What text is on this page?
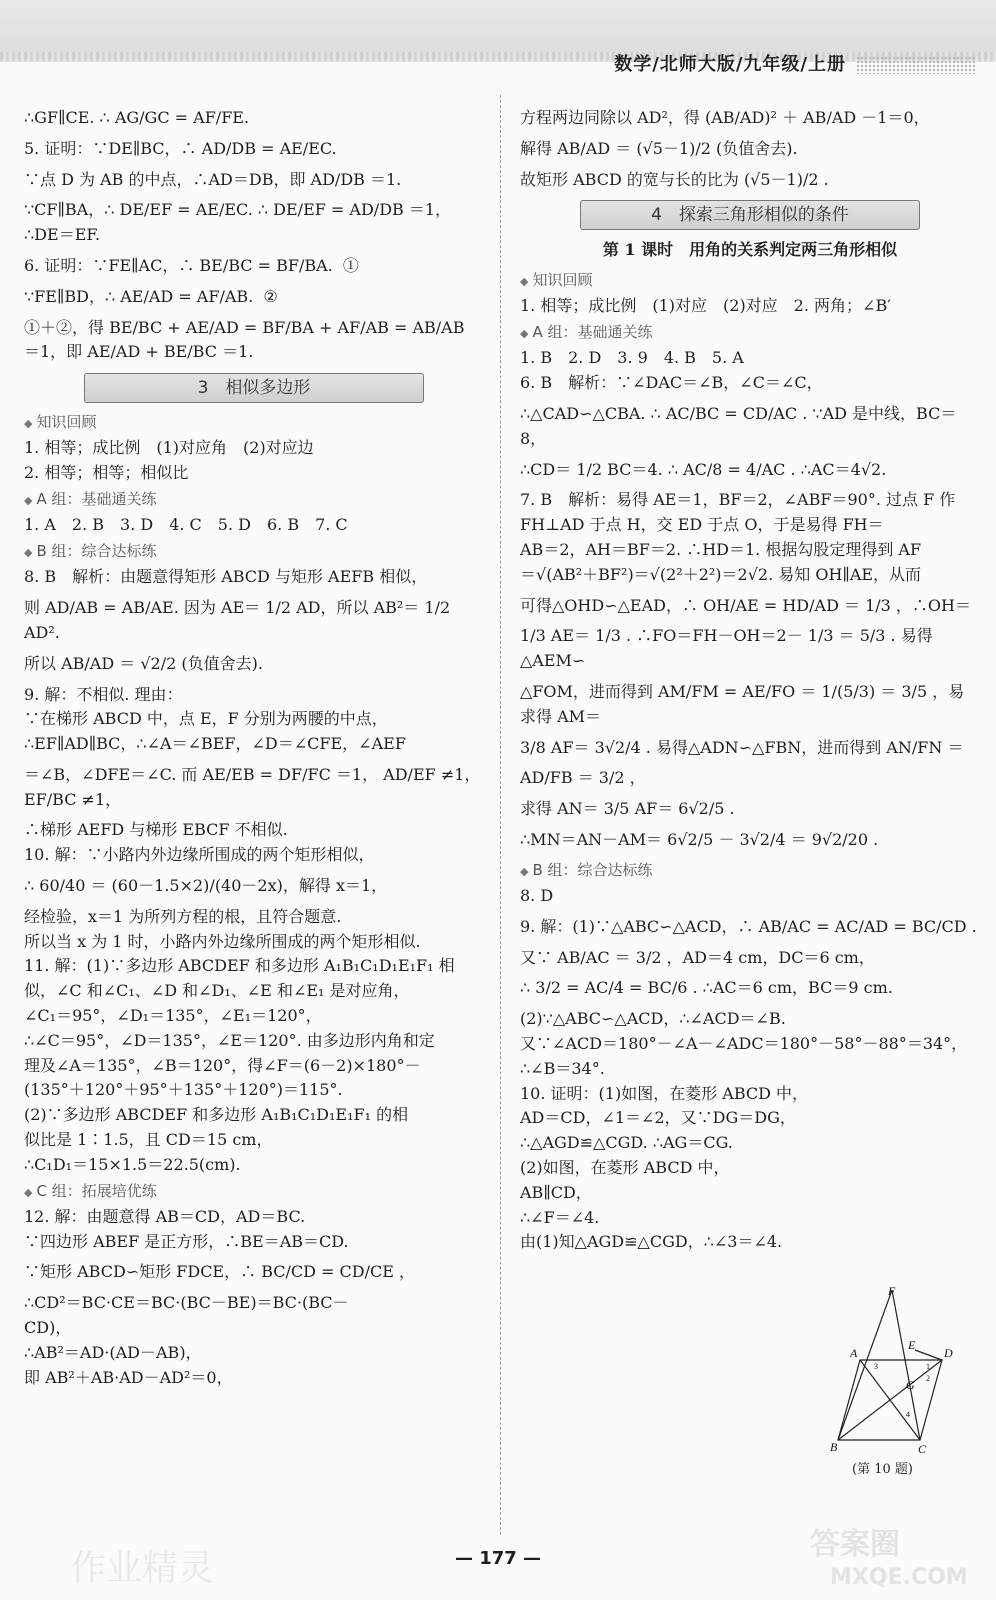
数学/北师大版/九年级/上册
∴GF∥CE. ∴ AG/GC = AF/FE.
5. 证明：∵DE∥BC，∴ AD/DB = AE/EC.
∵点 D 为 AB 的中点，∴AD＝DB，即 AD/DB ＝1.
∵CF∥BA，∴ DE/EF = AE/EC. ∴ DE/EF = AD/DB ＝1，∴DE＝EF.
6. 证明：∵FE∥AC，∴ BE/BC = BF/BA.  ①
∵FE∥BD，∴ AE/AD = AF/AB.  ②
①＋②，得 BE/BC + AE/AD = BF/BA + AF/AB = AB/AB ＝1，即 AE/AD + BE/BC ＝1.
3　相似多边形
◆ 知识回顾
1. 相等；成比例　(1)对应角　(2)对应边
2. 相等；相等；相似比
◆ A 组：基础通关练
1. A　2. B　3. D　4. C　5. D　6. B　7. C
◆ B 组：综合达标练
8. B　解析：由题意得矩形 ABCD 与矩形 AEFB 相似，
则 AD/AB = AB/AE. 因为 AE＝ 1/2 AD，所以 AB²＝ 1/2 AD².
所以 AB/AD ＝ √2/2 (负值舍去).
9. 解：不相似. 理由：
∵在梯形 ABCD 中，点 E，F 分别为两腰的中点，
∴EF∥AD∥BC，∴∠A＝∠BEF，∠D＝∠CFE，∠AEF
＝∠B，∠DFE＝∠C. 而 AE/EB = DF/FC ＝1， AD/EF ≠1， EF/BC ≠1，
∴梯形 AEFD 与梯形 EBCF 不相似.
10. 解：∵小路内外边缘所围成的两个矩形相似，
∴ 60/40 ＝ (60－1.5×2)/(40－2x)，解得 x＝1，
经检验，x＝1 为所列方程的根，且符合题意.
所以当 x 为 1 时，小路内外边缘所围成的两个矩形相似.
11. 解：(1)∵多边形 ABCDEF 和多边形 A₁B₁C₁D₁E₁F₁ 相
似，∠C 和∠C₁、∠D 和∠D₁、∠E 和∠E₁ 是对应角，
∠C₁＝95°，∠D₁＝135°，∠E₁＝120°，
∴∠C＝95°，∠D＝135°，∠E＝120°. 由多边形内角和定
理及∠A＝135°，∠B＝120°，得∠F＝(6－2)×180°－
(135°＋120°＋95°＋135°＋120°)＝115°.
(2)∵多边形 ABCDEF 和多边形 A₁B₁C₁D₁E₁F₁ 的相
似比是 1∶1.5，且 CD＝15 cm，
∴C₁D₁＝15×1.5＝22.5(cm).
◆ C 组：拓展培优练
12. 解：由题意得 AB＝CD，AD＝BC.
∵四边形 ABEF 是正方形，∴BE＝AB＝CD.
∵矩形 ABCD∽矩形 FDCE，∴ BC/CD = CD/CE ，
∴CD²＝BC·CE＝BC·(BC－BE)＝BC·(BC－
CD)，
∴AB²＝AD·(AD－AB)，
即 AB²＋AB·AD－AD²＝0，
方程两边同除以 AD²，得 (AB/AD)² ＋ AB/AD －1＝0，
解得 AB/AD ＝ (√5－1)/2 (负值舍去).
故矩形 ABCD 的宽与长的比为 (√5－1)/2 .
4　探索三角形相似的条件
第 1 课时　用角的关系判定两三角形相似
◆ 知识回顾
1. 相等；成比例　(1)对应　(2)对应　2. 两角；∠B′
◆ A 组：基础通关练
1. B　2. D　3. 9　4. B　5. A
6. B　解析：∵∠DAC＝∠B，∠C＝∠C，
∴△CAD∽△CBA. ∴ AC/BC = CD/AC . ∵AD 是中线，BC＝8，
∴CD＝ 1/2 BC＝4. ∴ AC/8 = 4/AC . ∴AC＝4√2.
7. B　解析：易得 AE＝1，BF＝2，∠ABF＝90°. 过点 F 作
FH⊥AD 于点 H，交 ED 于点 O，于是易得 FH＝
AB＝2，AH＝BF＝2. ∴HD＝1. 根据勾股定理得到 AF
＝√(AB²＋BF²)＝√(2²＋2²)＝2√2. 易知 OH∥AE，从而
可得△OHD∽△EAD，∴ OH/AE = HD/AD ＝ 1/3 ，∴OH＝
1/3 AE＝ 1/3 . ∴FO＝FH－OH＝2－ 1/3 ＝ 5/3 . 易得△AEM∽
△FOM，进而得到 AM/FM = AE/FO ＝ 1/(5/3) ＝ 3/5 ，易求得 AM＝
3/8 AF＝ 3√2/4 . 易得△ADN∽△FBN，进而得到 AN/FN ＝
AD/FB ＝ 3/2 ，
求得 AN＝ 3/5 AF＝ 6√2/5 .
∴MN＝AN－AM＝ 6√2/5 － 3√2/4 ＝ 9√2/20 .
◆ B 组：综合达标练
8. D
9. 解：(1)∵△ABC∽△ACD，∴ AB/AC = AC/AD = BC/CD .
又∵ AB/AC ＝ 3/2 ，AD＝4 cm，DC＝6 cm，
∴ 3/2 = AC/4 = BC/6 . ∴AC＝6 cm，BC＝9 cm.
(2)∵△ABC∽△ACD，∴∠ACD＝∠B.
又∵∠ACD＝180°－∠A－∠ADC＝180°－58°－88°＝34°，
∴∠B＝34°.
10. 证明：(1)如图，在菱形 ABCD 中，
AD＝CD，∠1＝∠2，又∵DG＝DG，
∴△AGD≌△CGD. ∴AG＝CG.
(2)如图，在菱形 ABCD 中，
AB∥CD，
∴∠F＝∠4.
由(1)知△AGD≌△CGD，∴∠3＝∠4.
F
A
E
D
G
B	C
3	1
2
4
(第 10 题)
— 177 —
作业精灵
答案圈
MXQE.COM
